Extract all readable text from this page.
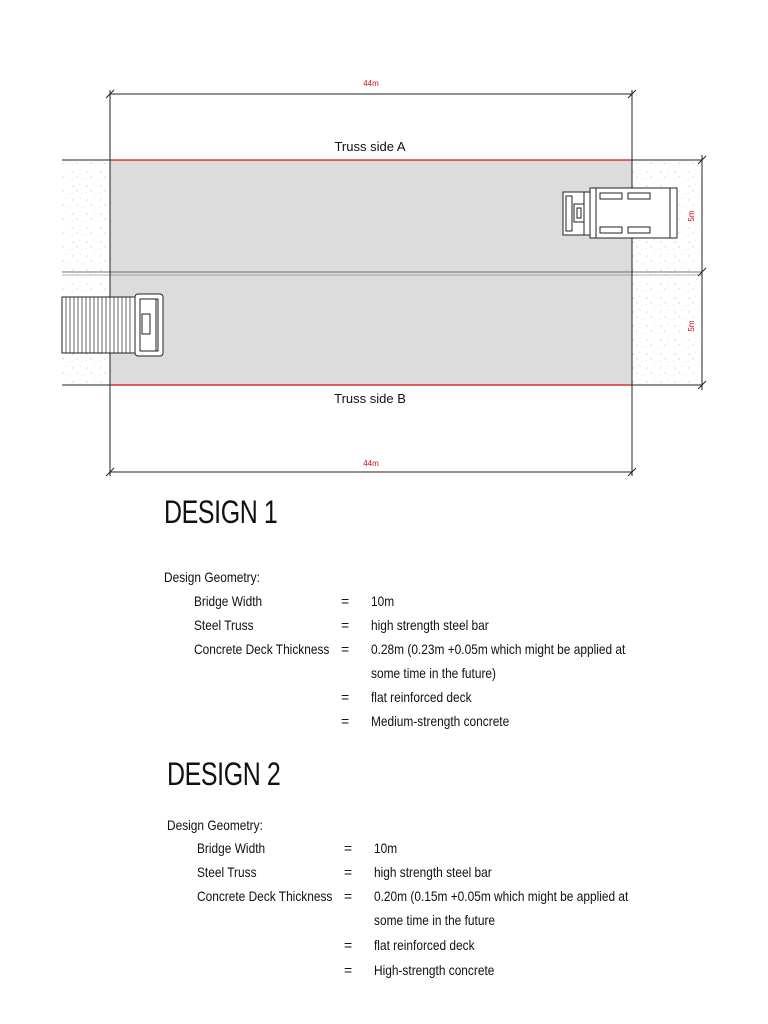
44m
44m
5m
5m
Truss side A
Truss side B
DESIGN 1
Design Geometry:
Bridge Width	= 10m
Steel Truss	= high strength steel bar
Concrete Deck Thickness = 0.28m (0.23m +0.05m which might be applied at some time in the future)
= flat reinforced deck
= Medium-strength concrete
DESIGN 2
Design Geometry:
Bridge Width	= 10m
Steel Truss	= high strength steel bar
Concrete Deck Thickness = 0.20m (0.15m +0.05m which might be applied at some time in the future
= flat reinforced deck
= High-strength concrete
